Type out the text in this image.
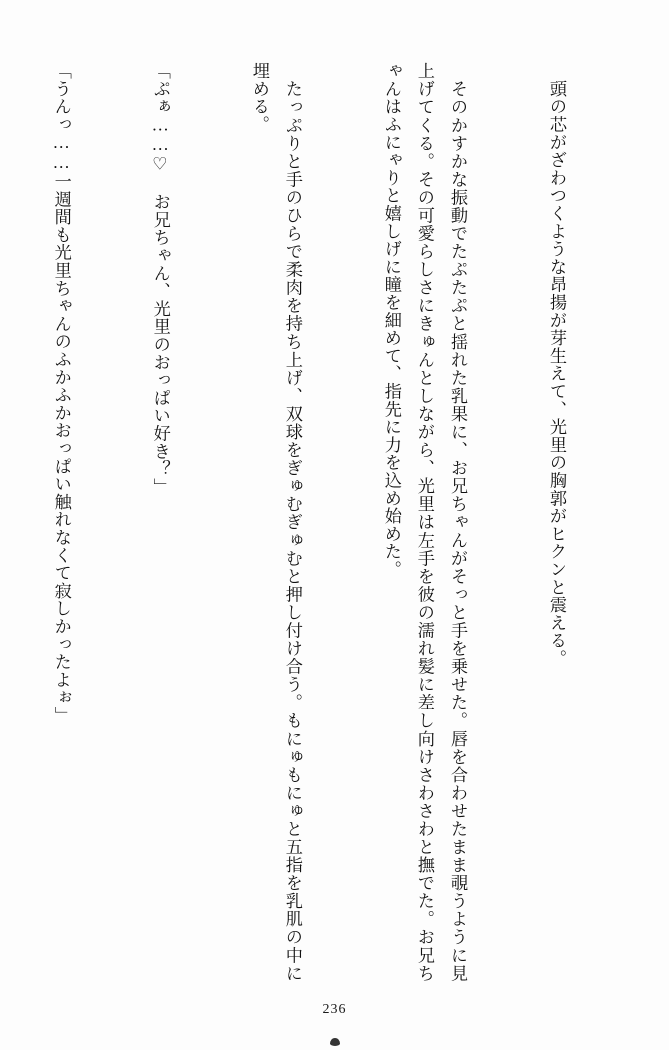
　頭の芯がざわつくような昂揚が芽生えて、光里の胸郭がヒクンと震える。

　そのかすかな振動でたぷたぷと揺れた乳果に、お兄ちゃんがそっと手を乗せた。唇を合わせたまま覗うように見上げてくる。その可愛らしさにきゅんとしながら、光里は左手を彼の濡れ髪に差し向けさわさわと撫でた。お兄ちゃんはふにゃりと嬉しげに瞳を細めて、指先に力を込め始めた。

　たっぷりと手のひらで柔肉を持ち上げ、双球をぎゅむぎゅむと押し付け合う。もにゅもにゅと五指を乳肌の中に埋める。

「ぷぁ……♡　お兄ちゃん、光里のおっぱい好き？」

「うんっ……一週間も光里ちゃんのふかふかおっぱい触れなくて寂しかったよぉ」

236
